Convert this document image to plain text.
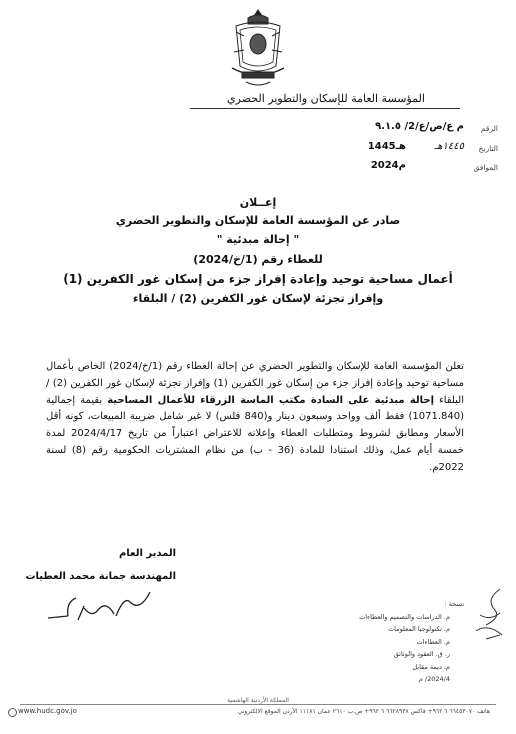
المؤسسة العامة للإسكان والتطوير الحضري
الرقم
م ع/ص/ع/2/ ٩.١.٥
التاريخ
1445هـ	١٤٤٥هـ
الموافق
2024م
إعــلان
صادر عن المؤسسة العامة للإسكان والتطوير الحضري
" إحالة مبدئية "
للعطاء رقم (1/خ/2024)
أعمال مساحية توحيد وإعادة إفراز جزء من إسكان غور الكفرين (1)
وإفراز تجزئة لإسكان غور الكفرين (2) / البلقاء
تعلن المؤسسة العامة للإسكان والتطوير الحضري عن إحالة العطاء رقم (1/خ/2024) الخاص بأعمال مساحية توحيد وإعادة إفراز جزء من إسكان غور الكفرين (1) وإفراز تجزئة لإسكان غور الكفرين (2) / البلقاء إحالة مبدئية على السادة مكتب الماسة الزرقاء للأعمال المساحية بقيمة إجمالية (1071.840) فقط ألف وواحد وسبعون دينار و(840 فلس) لا غير شامل ضريبة المبيعات، كونه أقل الأسعار ومطابق لشروط ومتطلبات العطاء وإعلانه للاعتراض اعتباراً من تاريخ 2024/4/17 لمدة خمسة أيام عمل، وذلك استنادا للمادة (36 - ب) من نظام المشتريات الحكومية رقم (8) لسنة 2022م.
المدير العام
المهندسة جمانة محمد العطيات
نسخة :
م. الدراسات والتصميم والعطاءات
م. تكنولوجيا المعلومات
م. العطاءات
ر. ق. العقود والوثائق
م. ديمة مقابل
2024/4/ م
المملكة الأردنية الهاشمية
هاتف ٦٦٤٥٣٠٧٠ ٦ ٩٦٢+ فاكس ٦٦٢٨٩٣٨ ٦ ٩٦٢+ ص.ب ٢٦١٠ عمان ١١١٨١ الأردن الموقع الالكتروني
www.hudc.gov.jo
